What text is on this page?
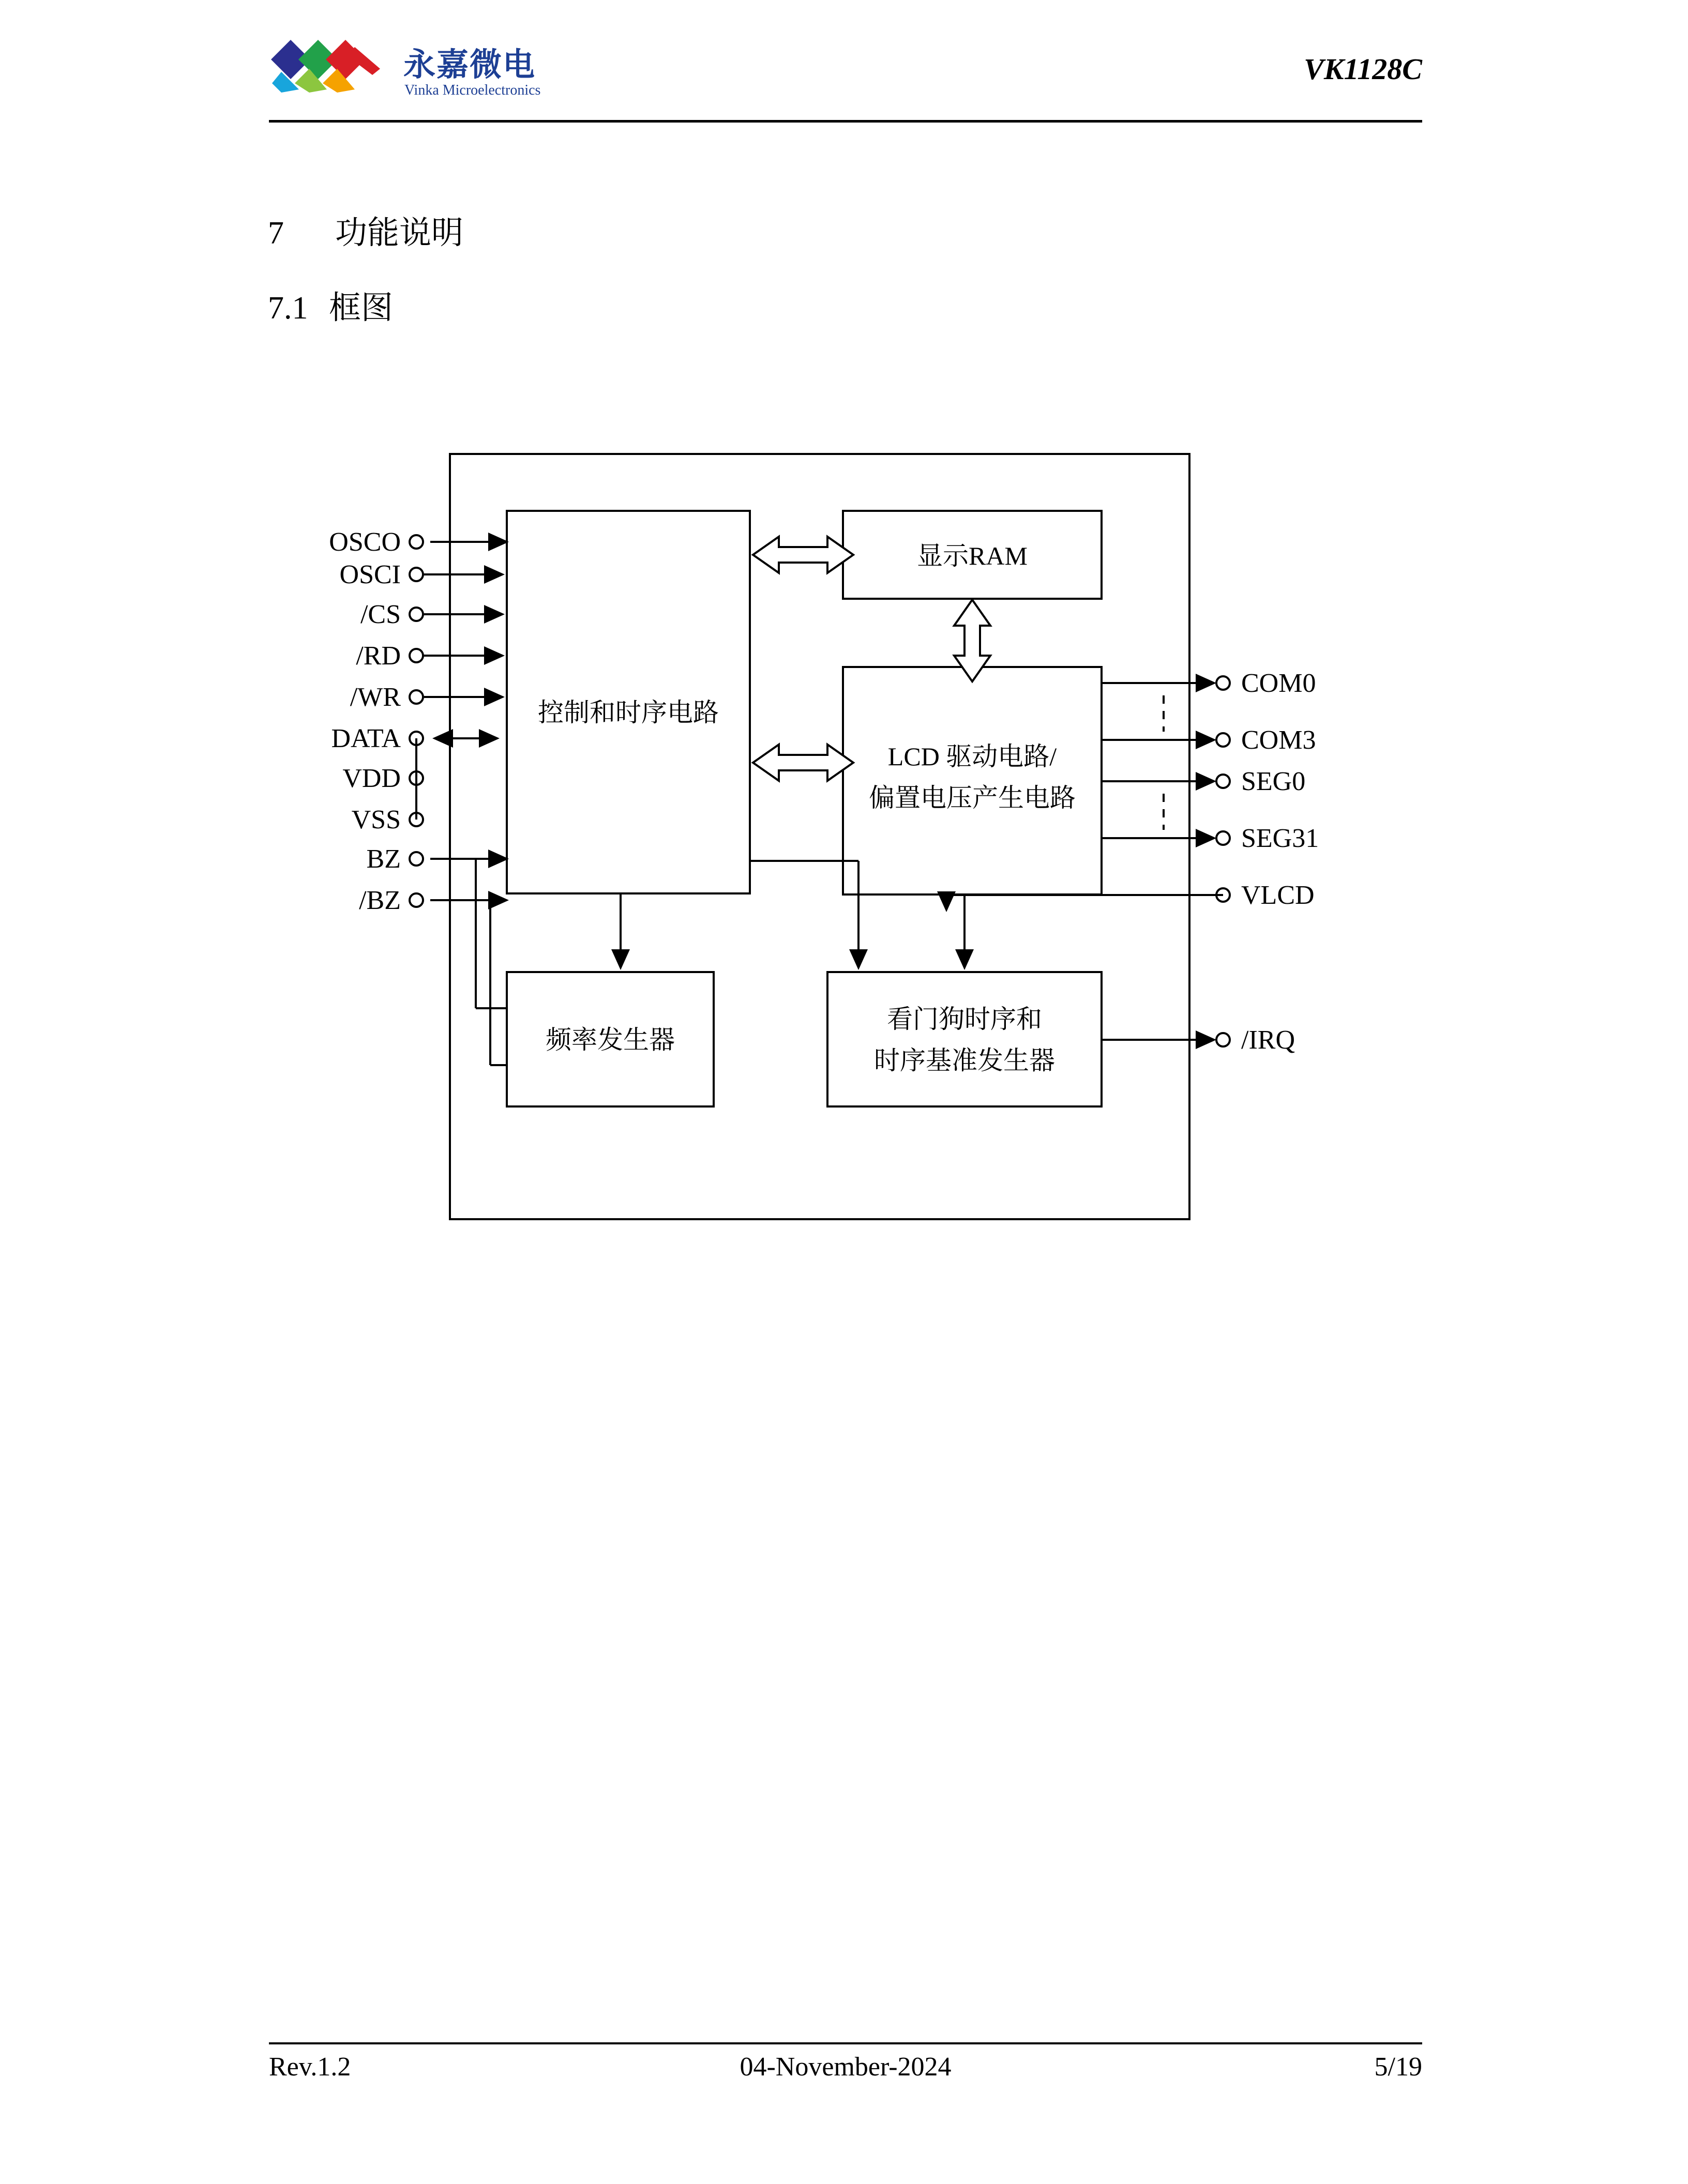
永嘉微电
Vinka Microelectronics
VK1128C
7 功能说明
7.1 框图
控制和时序电路
显示RAM
LCD 驱动电路/
偏置电压产生电路
频率发生器
看门狗时序和
时序基准发生器
OSCO
OSCI
/CS
/RD
/WR
DATA
VDD
VSS
BZ
/BZ
COM0
COM3
SEG0
SEG31
VLCD
/IRQ
Rev.1.2	04-November-2024	5/19
